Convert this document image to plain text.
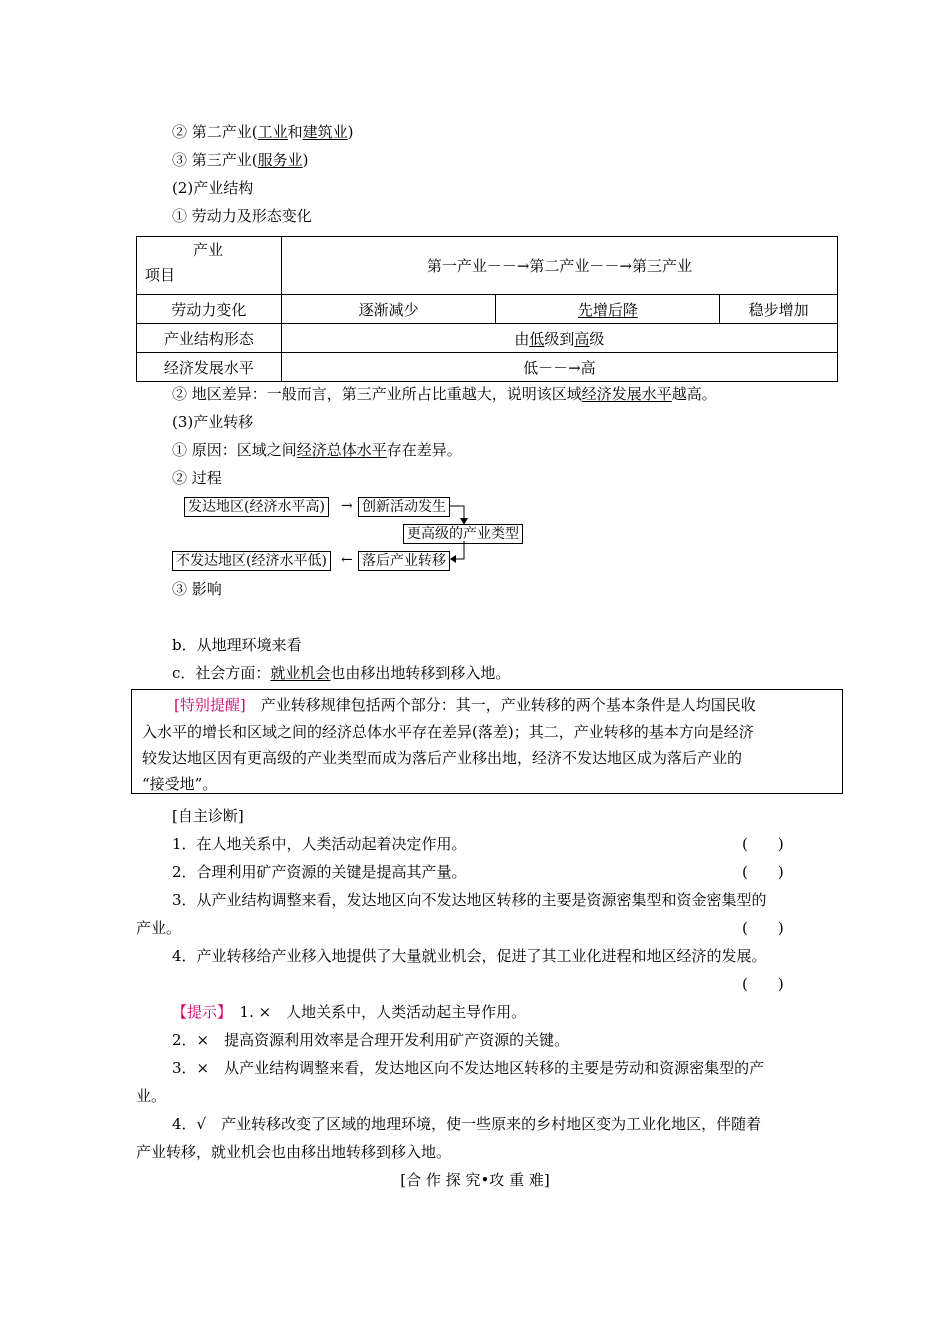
② 第二产业(工业和建筑业)
③ 第三产业(服务业)
(2)产业结构
① 劳动力及形态变化
产业
项目	第一产业－－→第二产业－－→第三产业		
劳动力变化	逐渐减少	先增后降	稳步增加
产业结构形态	由低级到高级		
经济发展水平	低－－→高		
② 地区差异：一般而言，第三产业所占比重越大，说明该区域经济发展水平越高。
(3)产业转移
① 原因：区域之间经济总体水平存在差异。
② 过程
发达地区(经济水平高) → 创新活动发生
更高级的产业类型
不发达地区(经济水平低) ← 落后产业转移
③ 影响
b．从地理环境来看
c．社会方面：就业机会也由移出地转移到移入地。

[特别提醒]　 产业转移规律包括两个部分：其一，产业转移的两个基本条件是人均国民收

入水平的增长和区域之间的经济总体水平存在差异(落差)；其二，产业转移的基本方向是经济

较发达地区因有更高级的产业类型而成为落后产业移出地，经济不发达地区成为落后产业的

“接受地”。

[自主诊断]
1．在人地关系中，人类活动起着决定作用。	(　　)
2．合理利用矿产资源的关键是提高其产量。	(　　)
3．从产业结构调整来看，发达地区向不发达地区转移的主要是资源密集型和资金密集型的
产业。	(　　)
4．产业转移给产业移入地提供了大量就业机会，促进了其工业化进程和地区经济的发展。
(　　)
【提示】　 1. ×　人地关系中，人类活动起主导作用。
2．×　提高资源利用效率是合理开发利用矿产资源的关键。
3．×　从产业结构调整来看，发达地区向不发达地区转移的主要是劳动和资源密集型的产
业。
4．√　产业转移改变了区域的地理环境，使一些原来的乡村地区变为工业化地区，伴随着
产业转移，就业机会也由移出地转移到移入地。
[合 作 探 究•攻 重 难]
